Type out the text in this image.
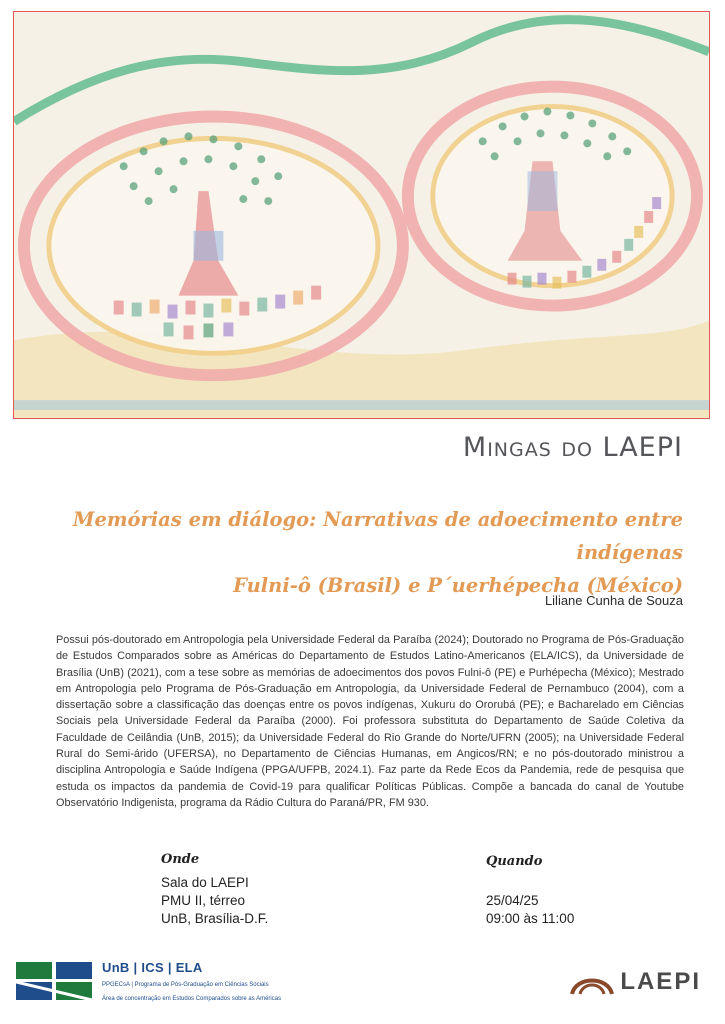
Mingas do LAEPI
Memórias em diálogo: Narrativas de adoecimento entre indígenas
Fulni-ô (Brasil) e P´uerhépecha (México)
Liliane Cunha de Souza
Possui pós-doutorado em Antropologia pela Universidade Federal da Paraíba (2024); Doutorado no Programa de Pós-Graduação de Estudos Comparados sobre as Américas do Departamento de Estudos Latino-Americanos (ELA/ICS), da Universidade de Brasília (UnB) (2021), com a tese sobre as memórias de adoecimentos dos povos Fulni-ô (PE) e Purhépecha (México); Mestrado em Antropologia pelo Programa de Pós-Graduação em Antropologia, da Universidade Federal de Pernambuco (2004), com a dissertação sobre a classificação das doenças entre os povos indígenas, Xukuru do Ororubá (PE); e Bacharelado em Ciências Sociais pela Universidade Federal da Paraíba (2000). Foi professora substituta do Departamento de Saúde Coletiva da Faculdade de Ceilândia (UnB, 2015); da Universidade Federal do Rio Grande do Norte/UFRN (2005); na Universidade Federal Rural do Semi-árido (UFERSA), no Departamento de Ciências Humanas, em Angicos/RN; e no pós-doutorado ministrou a disciplina Antropologia e Saúde Indígena (PPGA/UFPB, 2024.1). Faz parte da Rede Ecos da Pandemia, rede de pesquisa que estuda os impactos da pandemia de Covid-19 para qualificar Políticas Públicas. Compõe a bancada do canal de Youtube Observatório Indigenista, programa da Rádio Cultura do Paraná/PR, FM 930.
Onde
Sala do LAEPI
PMU II, térreo
UnB, Brasília-D.F.
Quando
25/04/25
09:00 às 11:00
UnB | ICS | ELA
PPGECsA | Programa de Pós-Graduação em Ciências Sociais
Área de concentração em Estudos Comparados sobre as Américas
LAEPI
